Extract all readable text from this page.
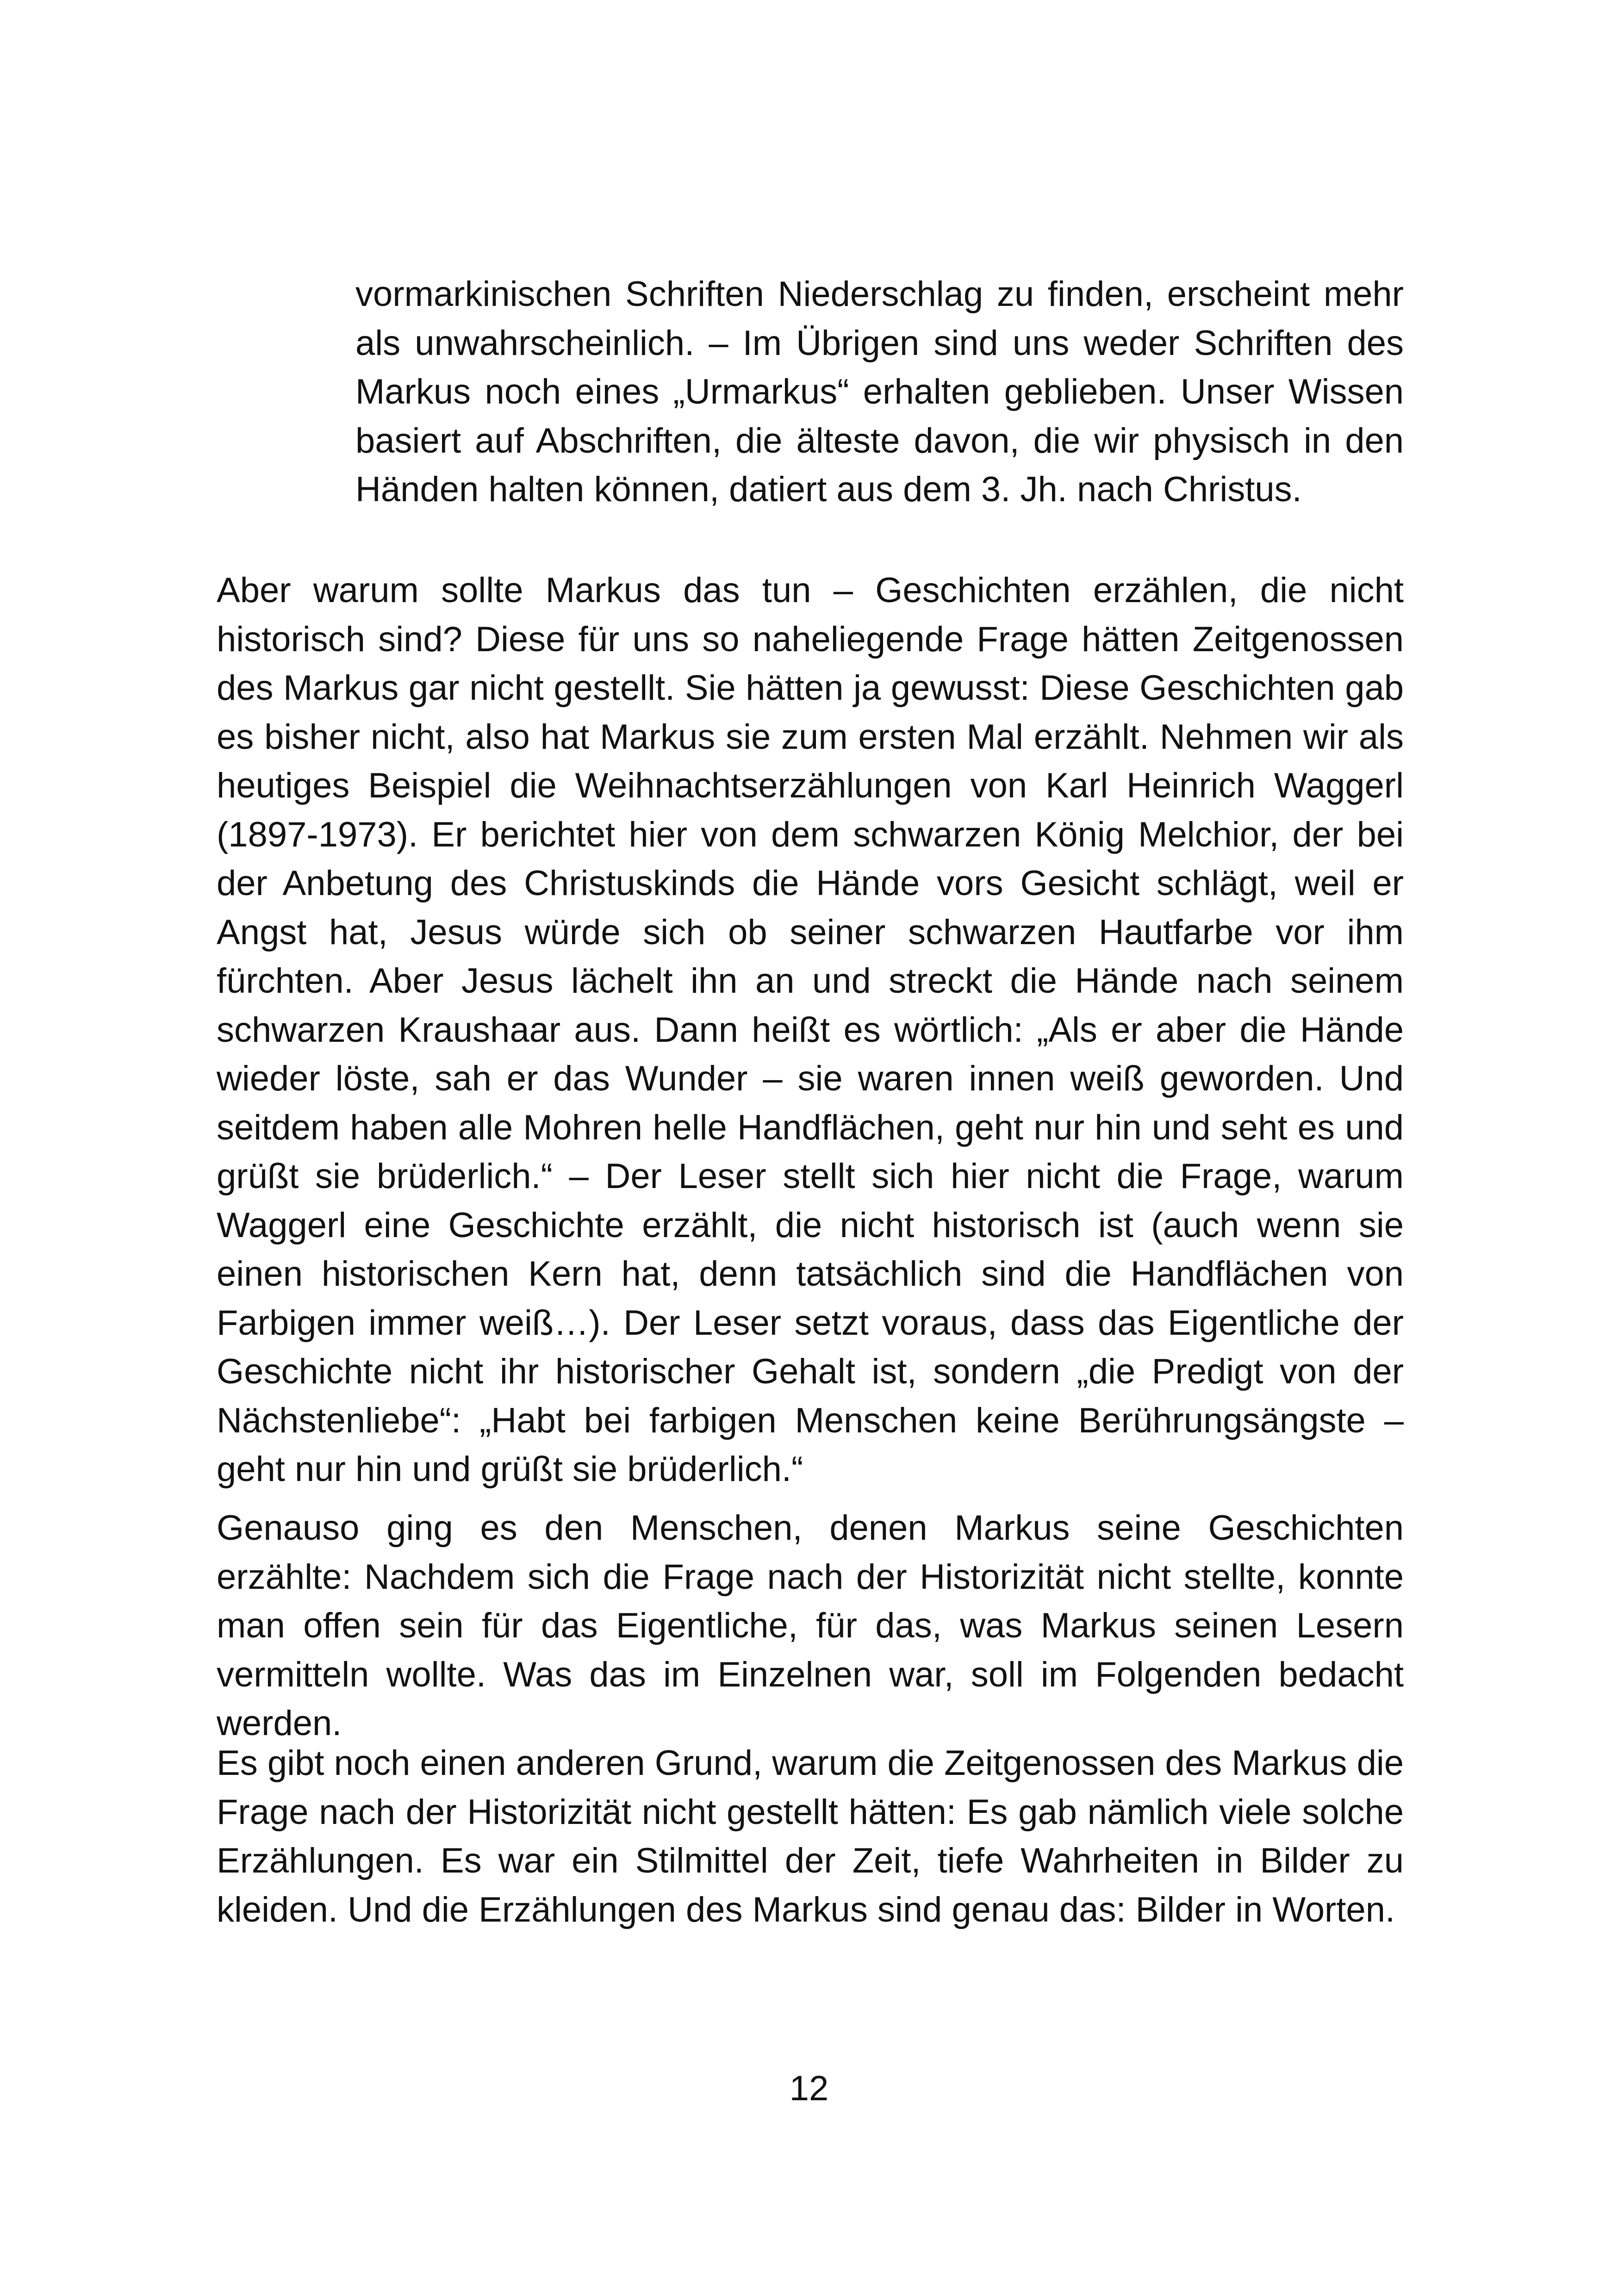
vormarkinischen Schriften Niederschlag zu finden, erscheint mehr als unwahrscheinlich. – Im Übrigen sind uns weder Schriften des Markus noch eines „Urmarkus“ erhalten geblieben. Unser Wissen basiert auf Abschriften, die älteste davon, die wir physisch in den Händen halten können, datiert aus dem 3. Jh. nach Christus.

Aber warum sollte Markus das tun – Geschichten erzählen, die nicht historisch sind? Diese für uns so naheliegende Frage hätten Zeitgenossen des Markus gar nicht gestellt. Sie hätten ja gewusst: Diese Geschichten gab es bisher nicht, also hat Markus sie zum ersten Mal erzählt. Nehmen wir als heutiges Beispiel die Weihnachtserzählungen von Karl Heinrich Waggerl (1897-1973). Er berichtet hier von dem schwarzen König Melchior, der bei der Anbetung des Christuskinds die Hände vors Gesicht schlägt, weil er Angst hat, Jesus würde sich ob seiner schwarzen Hautfarbe vor ihm fürchten. Aber Jesus lächelt ihn an und streckt die Hände nach seinem schwarzen Kraushaar aus. Dann heißt es wörtlich: „Als er aber die Hände wieder löste, sah er das Wunder – sie waren innen weiß geworden. Und seitdem haben alle Mohren helle Handflächen, geht nur hin und seht es und grüßt sie brüderlich.“ – Der Leser stellt sich hier nicht die Frage, warum Waggerl eine Geschichte erzählt, die nicht historisch ist (auch wenn sie einen historischen Kern hat, denn tatsächlich sind die Handflächen von Farbigen immer weiß…). Der Leser setzt voraus, dass das Eigentliche der Geschichte nicht ihr historischer Gehalt ist, sondern „die Predigt von der Nächstenliebe“: „Habt bei farbigen Menschen keine Berührungsängste – geht nur hin und grüßt sie brüderlich.“

Genauso ging es den Menschen, denen Markus seine Geschichten erzählte: Nachdem sich die Frage nach der Historizität nicht stellte, konnte man offen sein für das Eigentliche, für das, was Markus seinen Lesern vermitteln wollte. Was das im Einzelnen war, soll im Folgenden bedacht werden.

Es gibt noch einen anderen Grund, warum die Zeitgenossen des Markus die Frage nach der Historizität nicht gestellt hätten: Es gab nämlich viele solche Erzählungen. Es war ein Stilmittel der Zeit, tiefe Wahrheiten in Bilder zu kleiden. Und die Erzählungen des Markus sind genau das: Bilder in Worten.

12
